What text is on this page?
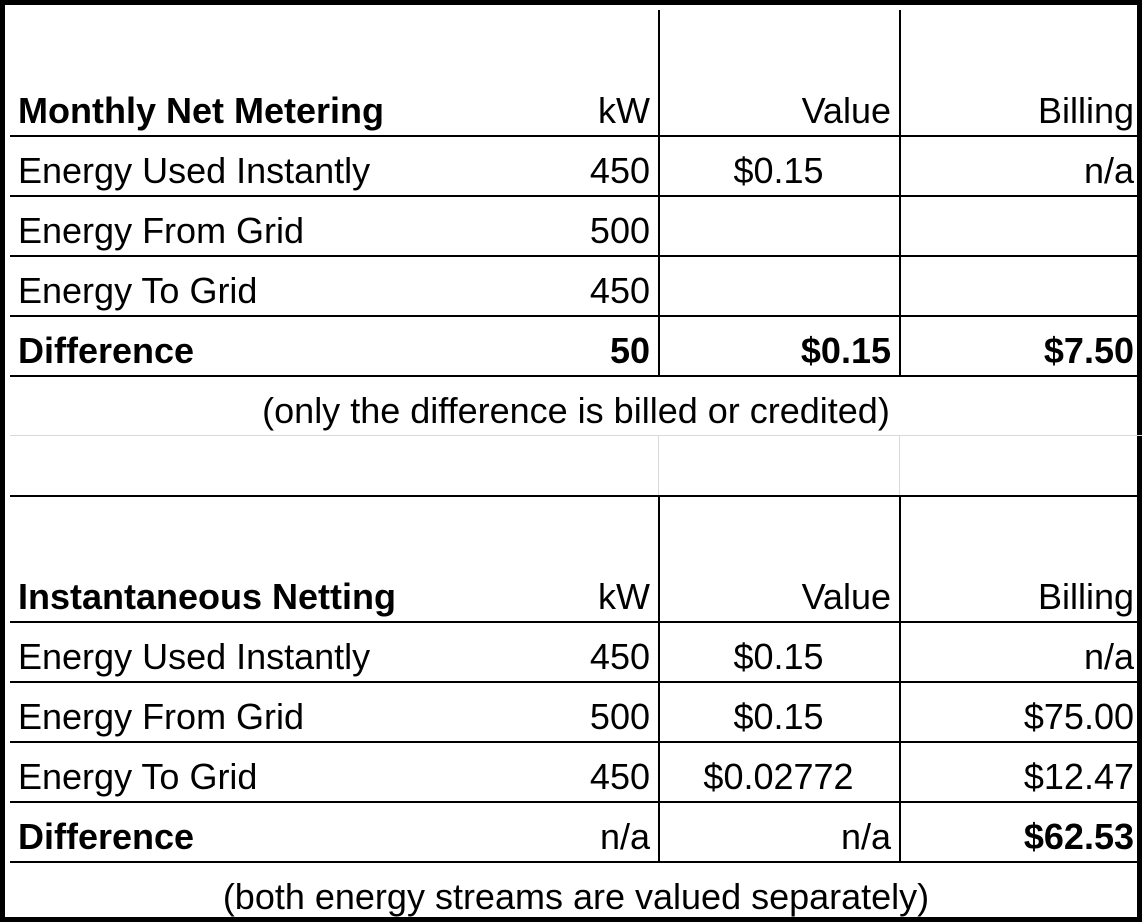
Monthly Net Metering	kW	Value	Billing
Energy Used Instantly	450	$0.15	n/a
Energy From Grid	500
Energy To Grid	450
Difference	50	$0.15	$7.50
(only the difference is billed or credited)
Instantaneous Netting	kW	Value	Billing
Energy Used Instantly	450	$0.15	n/a
Energy From Grid	500	$0.15	$75.00
Energy To Grid	450	$0.02772	$12.47
Difference	n/a	n/a	$62.53
(both energy streams are valued separately)
